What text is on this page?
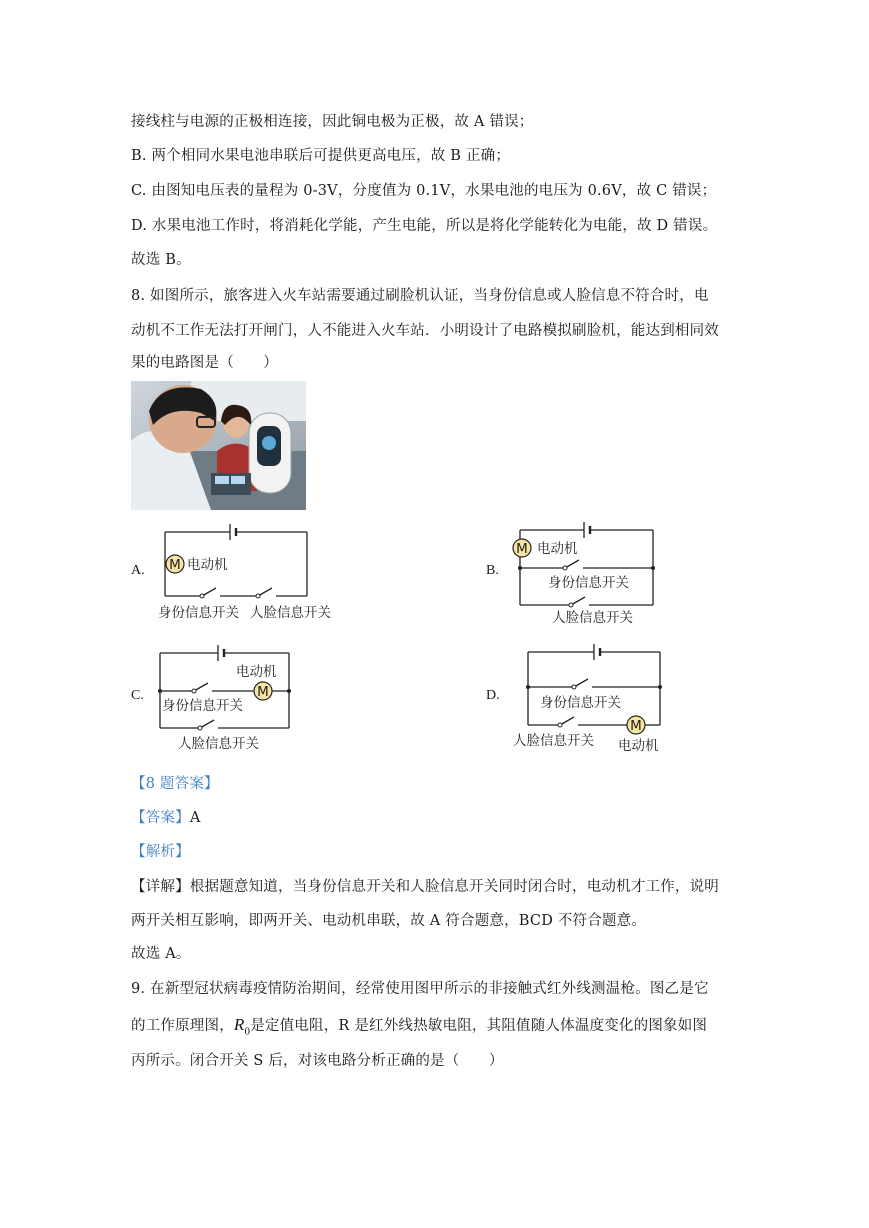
接线柱与电源的正极相连接，因此铜电极为正极，故 A 错误；
B. 两个相同水果电池串联后可提供更高电压，故 B 正确；
C. 由图知电压表的量程为 0-3V，分度值为 0.1V，水果电池的电压为 0.6V，故 C 错误；
D. 水果电池工作时，将消耗化学能，产生电能，所以是将化学能转化为电能，故 D 错误。
故选 B。
8. 如图所示，旅客进入火车站需要通过刷脸机认证，当身份信息或人脸信息不符合时，电
动机不工作无法打开闸门，人不能进入火车站．小明设计了电路模拟刷脸机，能达到相同效
果的电路图是（　　）
A.	B.
C.	D.
M 电动机
身份信息开关 人脸信息开关
M 电动机
身份信息开关
人脸信息开关
M
电动机
身份信息开关
人脸信息开关
M
身份信息开关
人脸信息开关 电动机
【8 题答案】
【答案】A
【解析】
【详解】根据题意知道，当身份信息开关和人脸信息开关同时闭合时，电动机才工作，说明
两开关相互影响，即两开关、电动机串联，故 A 符合题意，BCD 不符合题意。
故选 A。
9. 在新型冠状病毒疫情防治期间，经常使用图甲所示的非接触式红外线测温枪。图乙是它
的工作原理图，$R_0$是定值电阻，R 是红外线热敏电阻，其阻值随人体温度变化的图象如图
丙所示。闭合开关 S 后，对该电路分析正确的是（　　）
